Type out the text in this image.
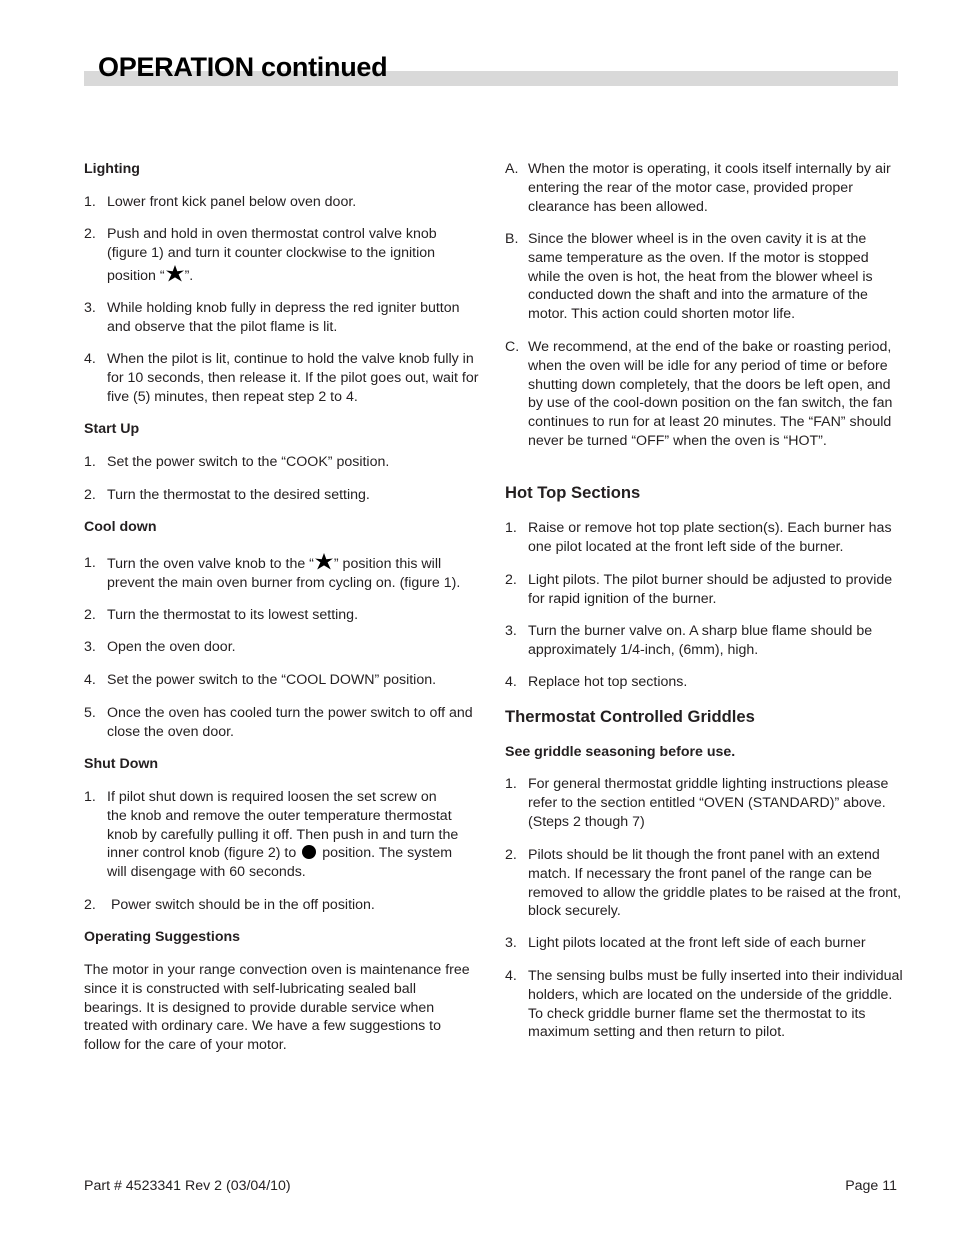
OPERATION continued
Lighting
1. Lower front kick panel below oven door.
2. Push and hold in oven thermostat control valve knob
(figure 1) and turn it counter clockwise to the ignition
position “ ”.
3. While holding knob fully in depress the red igniter button and observe that the pilot flame is lit.
4. When the pilot is lit, continue to hold the valve knob fully in for 10 seconds, then release it. If the pilot goes out, wait for five (5) minutes, then repeat step 2 to 4.
Start Up
1. Set the power switch to the “COOK” position.
2. Turn the thermostat to the desired setting.
Cool down
1. Turn the oven valve knob to the “ ” position this will
prevent the main oven burner from cycling on. (figure 1).
2. Turn the thermostat to its lowest setting.
3. Open the oven door.
4. Set the power switch to the “COOL DOWN” position.
5. Once the oven has cooled turn the power switch to off and close the oven door.
Shut Down
1. If pilot shut down is required loosen the set screw on
the knob and remove the outer temperature thermostat
knob by carefully pulling it off. Then push in and turn the
inner control knob (figure 2) to position. The system
will disengage with 60 seconds.
2. Power switch should be in the off position.
Operating Suggestions
The motor in your range convection oven is maintenance free since it is constructed with self-lubricating sealed ball bearings. It is designed to provide durable service when treated with ordinary care. We have a few suggestions to follow for the care of your motor.
A. When the motor is operating, it cools itself internally by air entering the rear of the motor case, provided proper clearance has been allowed.
B. Since the blower wheel is in the oven cavity it is at the same temperature as the oven. If the motor is stopped while the oven is hot, the heat from the blower wheel is conducted down the shaft and into the armature of the motor. This action could shorten motor life.
C. We recommend, at the end of the bake or roasting period, when the oven will be idle for any period of time or before shutting down completely, that the doors be left open, and by use of the cool-down position on the fan switch, the fan continues to run for at least 20 minutes. The “FAN” should never be turned “OFF” when the oven is “HOT”.
Hot Top Sections
1. Raise or remove hot top plate section(s). Each burner has one pilot located at the front left side of the burner.
2. Light pilots. The pilot burner should be adjusted to provide for rapid ignition of the burner.
3. Turn the burner valve on. A sharp blue flame should be approximately 1/4-inch, (6mm), high.
4. Replace hot top sections.
Thermostat Controlled Griddles
See griddle seasoning before use.
1. For general thermostat griddle lighting instructions please refer to the section entitled “OVEN (STANDARD)” above. (Steps 2 though 7)
2. Pilots should be lit though the front panel with an extend match. If necessary the front panel of the range can be removed to allow the griddle plates to be raised at the front, block securely.
3. Light pilots located at the front left side of each burner
4. The sensing bulbs must be fully inserted into their individual holders, which are located on the underside of the griddle. To check griddle burner flame set the thermostat to its maximum setting and then return to pilot.
Part # 4523341 Rev 2 (03/04/10)	Page 11
